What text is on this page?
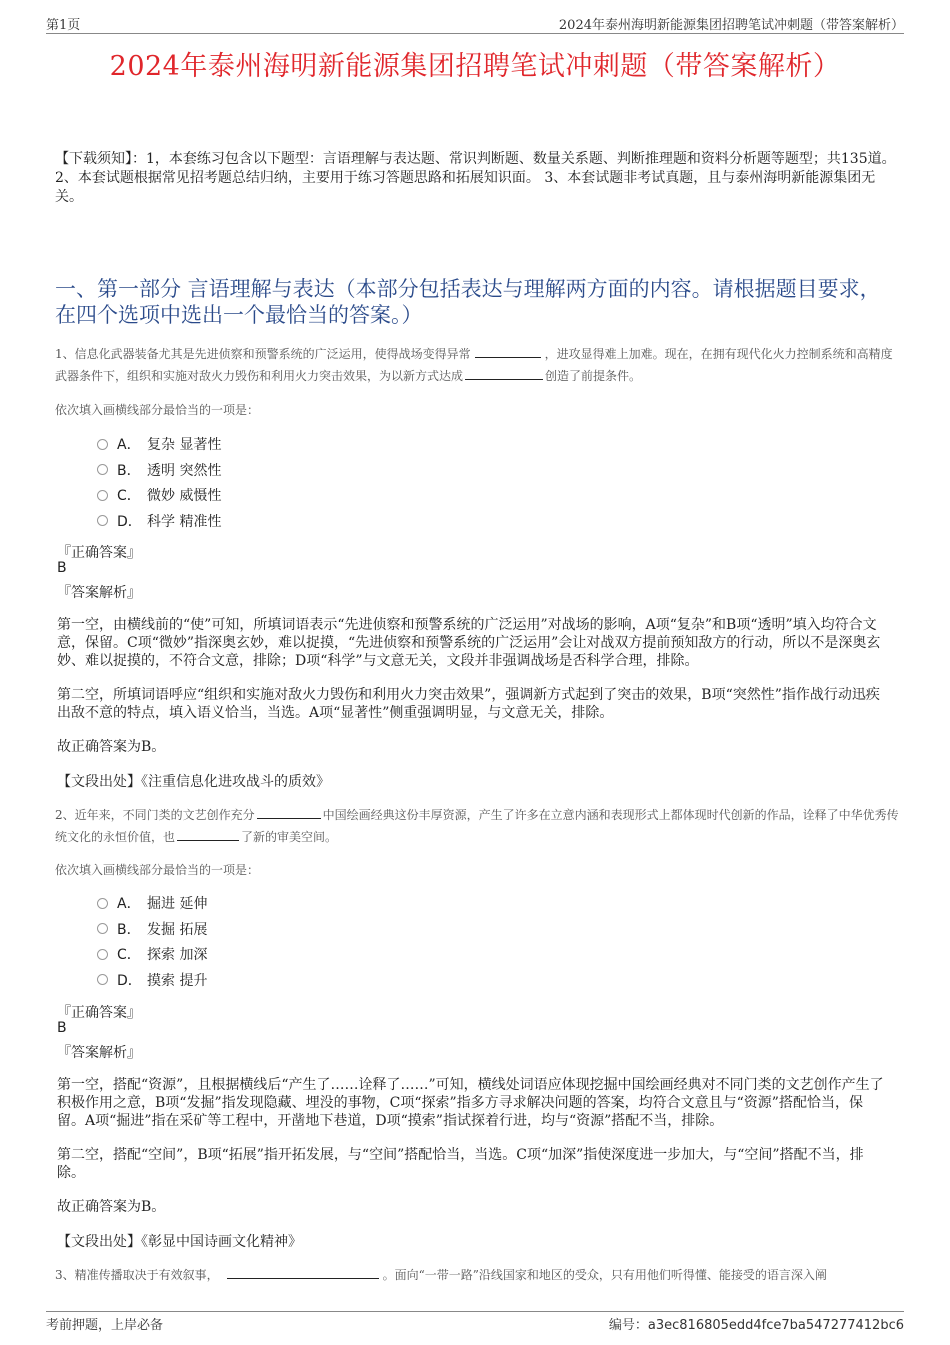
第1页	2024年泰州海明新能源集团招聘笔试冲刺题（带答案解析）
2024年泰州海明新能源集团招聘笔试冲刺题（带答案解析）
【下载须知】：1，本套练习包含以下题型：言语理解与表达题、常识判断题、数量关系题、判断推理题和资料分析题等题型；共135道。 2、本套试题根据常见招考题总结归纳，主要用于练习答题思路和拓展知识面。 3、本套试题非考试真题，且与泰州海明新能源集团无关。
一、第一部分 言语理解与表达（本部分包括表达与理解两方面的内容。请根据题目要求，在四个选项中选出一个最恰当的答案。）
1、信息化武器装备尤其是先进侦察和预警系统的广泛运用，使得战场变得异常	，进攻显得难上加难。现在，在拥有现代化火力控制系统和高精度武器条件下，组织和实施对敌火力毁伤和利用火力突击效果，为以新方式达成	创造了前提条件。
依次填入画横线部分最恰当的一项是：
A． 复杂 显著性
B． 透明 突然性
C． 微妙 威慑性
D． 科学 精准性
『正确答案』
B
『答案解析』
第一空，由横线前的“使”可知，所填词语表示“先进侦察和预警系统的广泛运用”对战场的影响，A项“复杂”和B项“透明”填入均符合文意，保留。C项“微妙”指深奥玄妙，难以捉摸，“先进侦察和预警系统的广泛运用”会让对战双方提前预知敌方的行动，所以不是深奥玄妙、难以捉摸的，不符合文意，排除；D项“科学”与文意无关，文段并非强调战场是否科学合理，排除。
第二空，所填词语呼应“组织和实施对敌火力毁伤和利用火力突击效果”，强调新方式起到了突击的效果，B项“突然性”指作战行动迅疾出敌不意的特点，填入语义恰当，当选。A项“显著性”侧重强调明显，与文意无关，排除。
故正确答案为B。
【文段出处】《注重信息化进攻战斗的质效》
2、近年来，不同门类的文艺创作充分	中国绘画经典这份丰厚资源，产生了许多在立意内涵和表现形式上都体现时代创新的作品，诠释了中华优秀传统文化的永恒价值，也	了新的审美空间。
依次填入画横线部分最恰当的一项是：
A． 掘进 延伸
B． 发掘 拓展
C． 探索 加深
D． 摸索 提升
『正确答案』
B
『答案解析』
第一空，搭配“资源”，且根据横线后“产生了……诠释了……”可知，横线处词语应体现挖掘中国绘画经典对不同门类的文艺创作产生了积极作用之意，B项“发掘”指发现隐藏、埋没的事物，C项“探索”指多方寻求解决问题的答案，均符合文意且与“资源”搭配恰当，保留。A项“掘进”指在采矿等工程中，开凿地下巷道，D项“摸索”指试探着行进，均与“资源”搭配不当，排除。
第二空，搭配“空间”，B项“拓展”指开拓发展，与“空间”搭配恰当，当选。C项“加深”指使深度进一步加大，与“空间”搭配不当，排除。
故正确答案为B。
【文段出处】《彰显中国诗画文化精神》
3、精准传播取决于有效叙事，	。面向“一带一路”沿线国家和地区的受众，只有用他们听得懂、能接受的语言深入阐
考前押题，上岸必备	编号：a3ec816805edd4fce7ba547277412bc6
